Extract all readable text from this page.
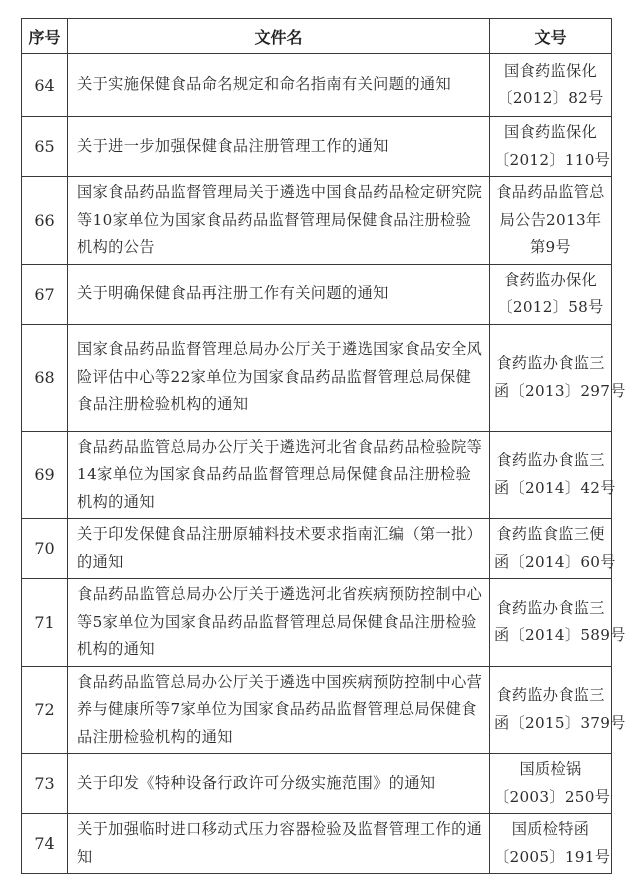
序号	文件名	文号
64	关于实施保健食品命名规定和命名指南有关问题的通知	国食药监保化
〔2012〕82号

65	关于进一步加强保健食品注册管理工作的通知	国食药监保化
〔2012〕110号

66	国家食品药品监督管理局关于遴选中国食品药品检定研究院等10家单位为国家食品药品监督管理局保健食品注册检验机构的公告	食品药品监管总
局公告2013年
第9号

67	关于明确保健食品再注册工作有关问题的通知	食药监办保化
〔2012〕58号

68	国家食品药品监督管理总局办公厅关于遴选国家食品安全风险评估中心等22家单位为国家食品药品监督管理总局保健食品注册检验机构的通知	食药监办食监三
函〔2013〕297号

69	食品药品监管总局办公厅关于遴选河北省食品药品检验院等14家单位为国家食品药品监督管理总局保健食品注册检验机构的通知	食药监办食监三
函〔2014〕42号

70	关于印发保健食品注册原辅料技术要求指南汇编（第一批）的通知	食药监食监三便
函〔2014〕60号

71	食品药品监管总局办公厅关于遴选河北省疾病预防控制中心等5家单位为国家食品药品监督管理总局保健食品注册检验机构的通知	食药监办食监三
函〔2014〕589号

72	食品药品监管总局办公厅关于遴选中国疾病预防控制中心营养与健康所等7家单位为国家食品药品监督管理总局保健食品注册检验机构的通知	食药监办食监三
函〔2015〕379号

73	关于印发《特种设备行政许可分级实施范围》的通知	国质检锅
〔2003〕250号

74	关于加强临时进口移动式压力容器检验及监督管理工作的通知	国质检特函
〔2005〕191号
